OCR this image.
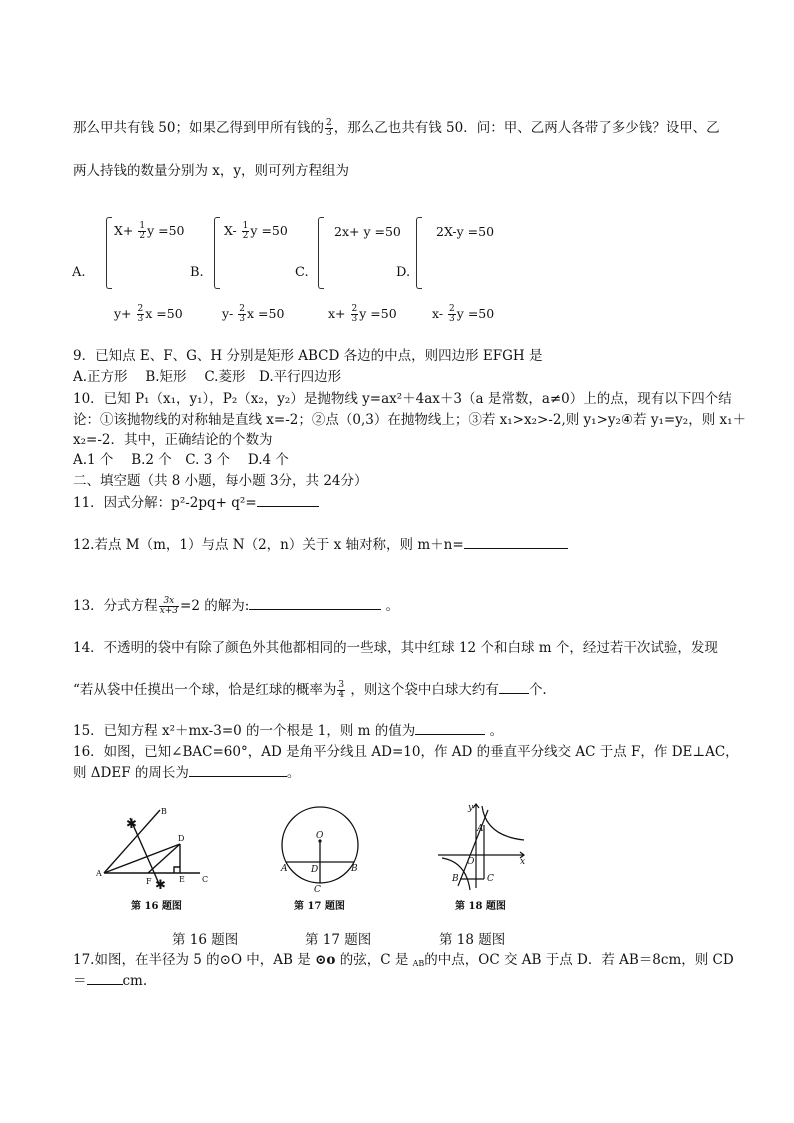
那么甲共有钱 50；如果乙得到甲所有钱的 $\frac{2}{3}$ ，那么乙也共有钱 50．问：甲、乙两人各带了多少钱？设甲、乙
两人持钱的数量分别为 x，y，则可列方程组为
A.
$X+ \frac{1}{2}$ y =50
$y+ \frac{2}{3}$ x =50
B.
$X- \frac{1}{2}$ y =50
$y- \frac{2}{3}$ x =50
C.
2x+ y =50
$x+ \frac{2}{3}$ y =50
D.
2X-y =50
$x- \frac{2}{3}$ y =50
9．已知点 E、F、G、H 分别是矩形 ABCD 各边的中点，则四边形 EFGH 是
A.正方形　 B.矩形　 C.菱形　D.平行四边形
10．已知 P₁（x₁，y₁），P₂（x₂，y₂）是抛物线 y=ax²＋4ax＋3（a 是常数，a≠0）上的点，现有以下四个结
论：①该抛物线的对称轴是直线 x=-2；②点（0,3）在抛物线上；③若 x₁>x₂>-2,则 y₁>y₂④若 y₁=y₂，则 x₁＋
x₂=-2．其中，正确结论的个数为
A.1 个　 B.2 个　C. 3 个　 D.4 个
二、填空题（共 8 小题，每小题 3分，共 24分）
11．因式分解：p²-2pq+ q²=
12.若点 M（m，1）与点 N（2，n）关于 x 轴对称，则 m＋n=
13．分式方程 $\frac{3x}{x+3} =2$ 的解为:	。
14．不透明的袋中有除了颜色外其他都相同的一些球，其中红球 12 个和白球 m 个，经过若干次试验，发现
“若从袋中任摸出一个球，恰是红球的概率为 $\frac{3}{4}$ ，则这个袋中白球大约有 个.
15．已知方程 x²＋mx-3=0 的一个根是 1，则 m 的值为	。
16．如图，已知∠BAC=60°，AD 是角平分线且 AD=10，作 AD 的垂直平分线交 AC 于点 F，作 DE⊥AC，
则 ΔDEF 的周长为	。
✱
✱
B
D
A
F	E C
第 16 题图
O
A	D	B
C
第 17 题图
y
x
A
O
B	C
第 18 题图
第 16 题图	第 17 题图	第 18 题图
17.如图，在半径为 5 的⊙O 中，AB 是 ⊙o 的弦，C 是 AB的中点，OC 交 AB 于点 D．若 AB＝8cm，则 CD
＝	cm.
